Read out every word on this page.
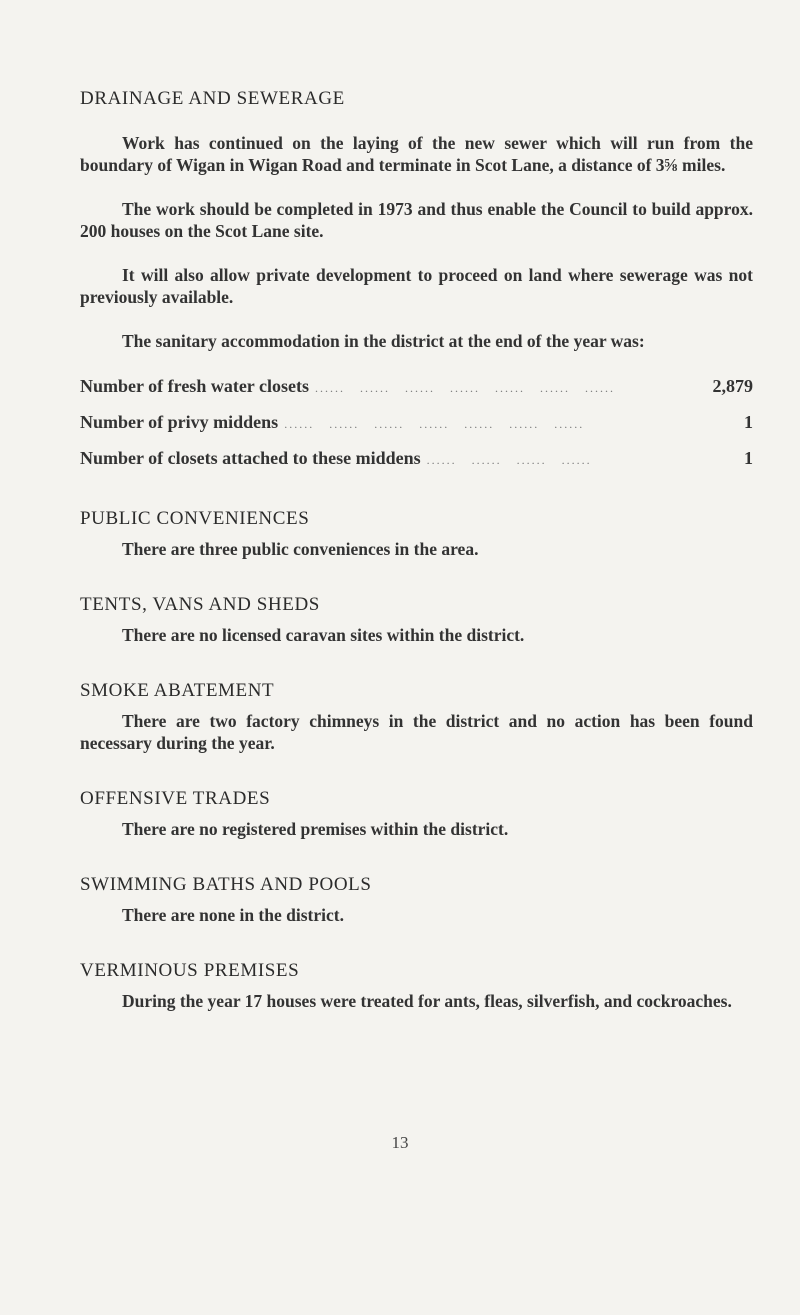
DRAINAGE AND SEWERAGE

Work has continued on the laying of the new sewer which will run from the boundary of Wigan in Wigan Road and terminate in Scot Lane, a distance of 3⅝ miles.

The work should be completed in 1973 and thus enable the Council to build approx. 200 houses on the Scot Lane site.

It will also allow private development to proceed on land where sewerage was not previously available.

The sanitary accommodation in the district at the end of the year was:

Number of fresh water closets ......   ......   ......   ......   ......   ......   ......	2,879
Number of privy middens ......   ......   ......   ......   ......   ......   ......	1
Number of closets attached to these middens ......   ......   ......   ......	1
PUBLIC CONVENIENCES

There are three public conveniences in the area.

TENTS, VANS AND SHEDS

There are no licensed caravan sites within the district.

SMOKE ABATEMENT

There are two factory chimneys in the district and no action has been found necessary during the year.

OFFENSIVE TRADES

There are no registered premises within the district.

SWIMMING BATHS AND POOLS

There are none in the district.

VERMINOUS PREMISES

During the year 17 houses were treated for ants, fleas, silverfish, and cockroaches.

13
